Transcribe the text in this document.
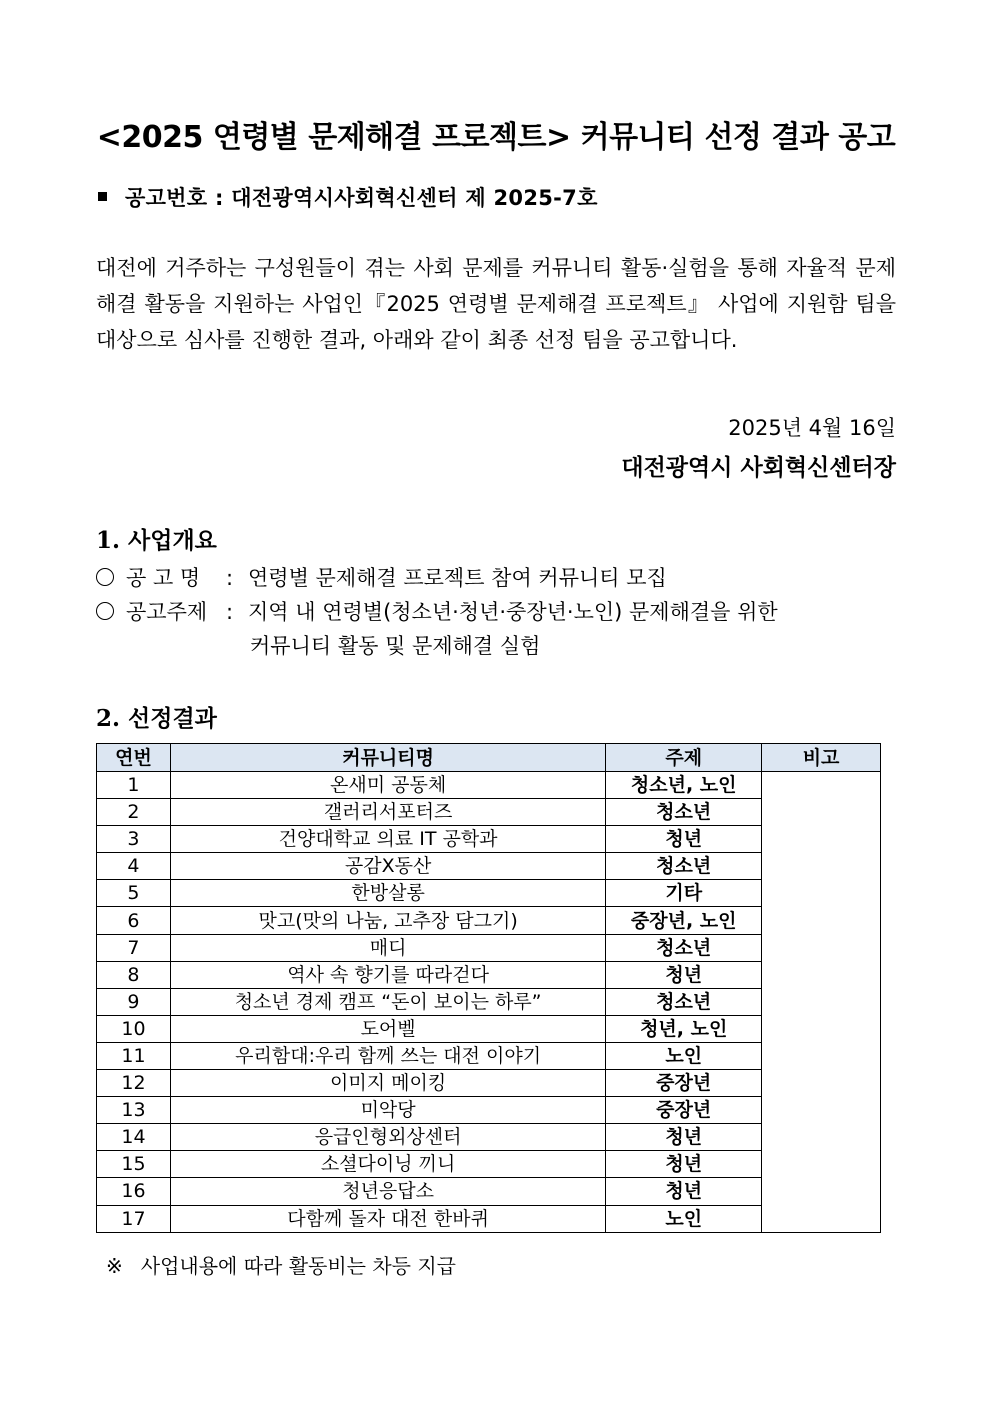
<2025 연령별 문제해결 프로젝트> 커뮤니티 선정 결과 공고
공고번호 : 대전광역시사회혁신센터 제 2025-7호
대전에 거주하는 구성원들이 겪는 사회 문제를 커뮤니티 활동·실험을 통해 자율적 문제해결 활동을 지원하는 사업인『2025 연령별 문제해결 프로젝트』 사업에 지원함 팀을 대상으로 심사를 진행한 결과, 아래와 같이 최종 선정 팀을 공고합니다.
2025년 4월 16일
대전광역시 사회혁신센터장
1. 사업개요
공 고 명 : 연령별 문제해결 프로젝트 참여 커뮤니티 모집
공고주제 : 지역 내 연령별(청소년·청년·중장년·노인) 문제해결을 위한
커뮤니티 활동 및 문제해결 실험
2. 선정결과
연번	커뮤니티명	주제	비고
1	온새미 공동체	청소년, 노인	
2	갤러리서포터즈	청소년	
3	건양대학교 의료 IT 공학과	청년	
4	공감X동산	청소년	
5	한방살롱	기타	
6	맛고(맛의 나눔, 고추장 담그기)	중장년, 노인	
7	매디	청소년	
8	역사 속 향기를 따라걷다	청년	
9	청소년 경제 캠프 “돈이 보이는 하루”	청소년	
10	도어벨	청년, 노인	
11	우리함대:우리 함께 쓰는 대전 이야기	노인	
12	이미지 메이킹	중장년	
13	미악당	중장년	
14	응급인형외상센터	청년	
15	소셜다이닝 끼니	청년	
16	청년응답소	청년	
17	다함께 돌자 대전 한바퀴	노인	
※ 사업내용에 따라 활동비는 차등 지급
